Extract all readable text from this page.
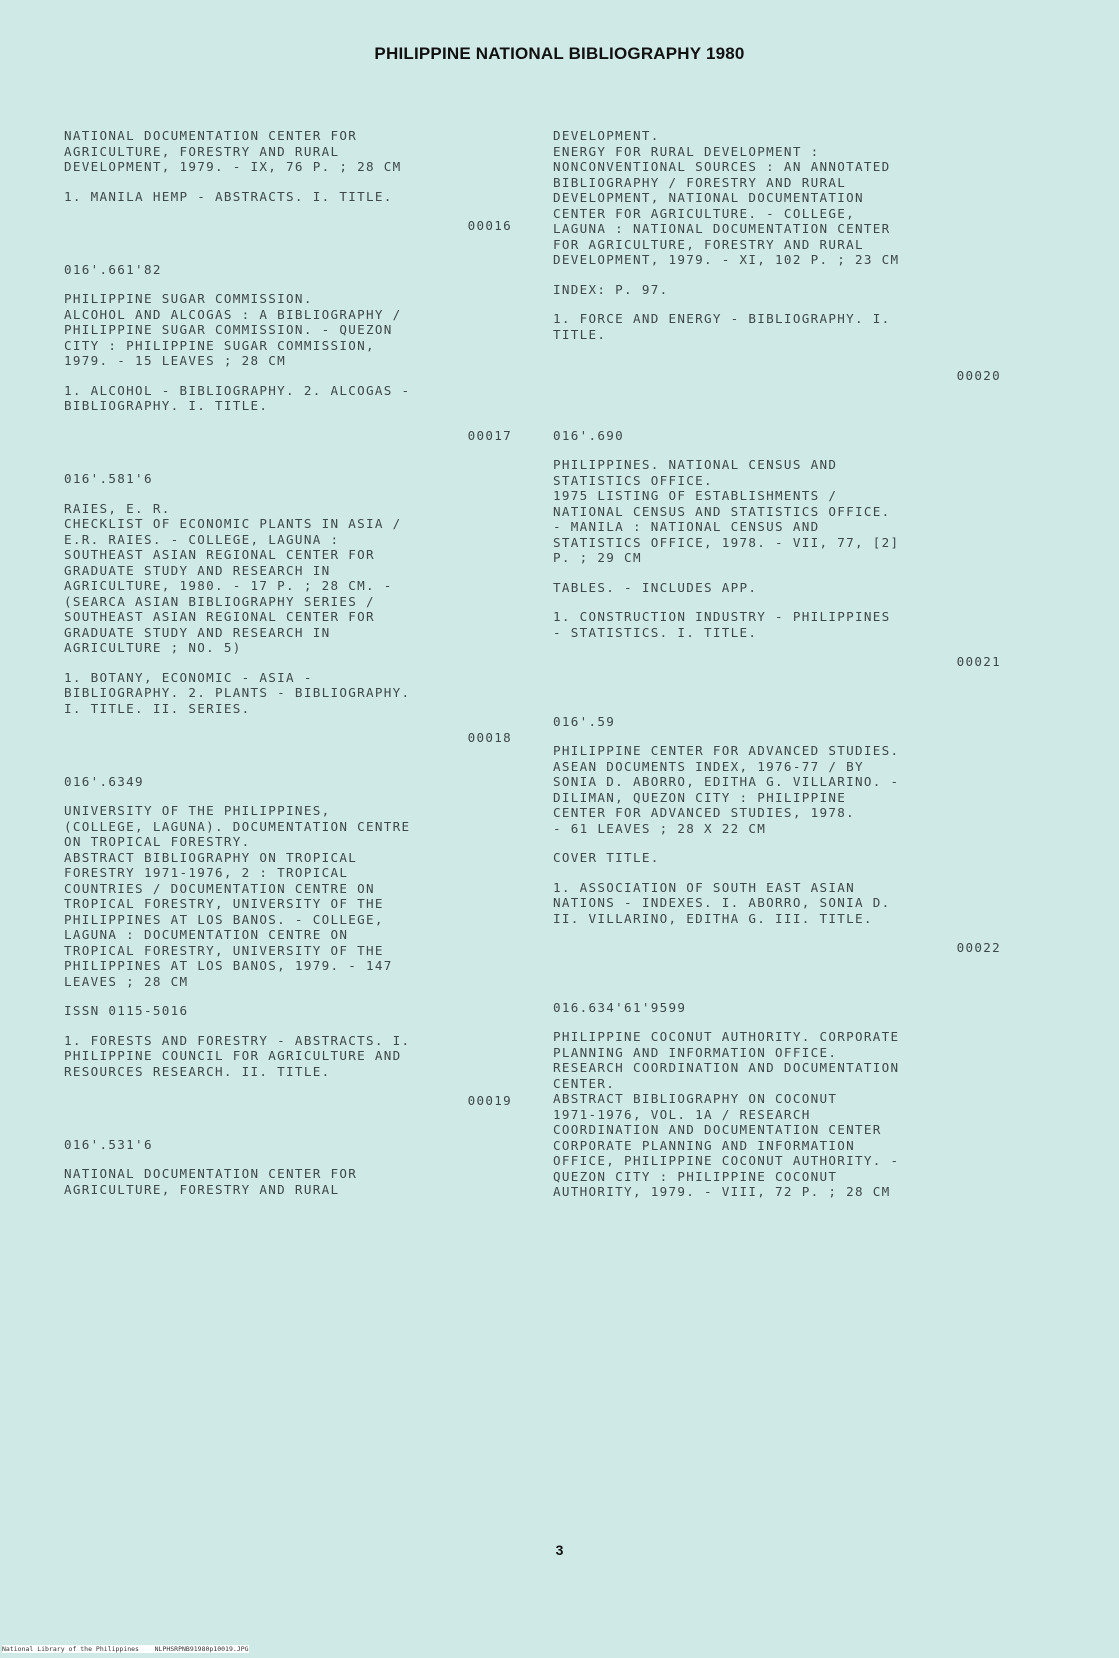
PHILIPPINE NATIONAL BIBLIOGRAPHY 1980
NATIONAL DOCUMENTATION CENTER FOR
AGRICULTURE, FORESTRY AND RURAL
DEVELOPMENT, 1979. - IX, 76 P. ; 28 CM
1. MANILA HEMP - ABSTRACTS. I. TITLE.
00016
016'.661'82
PHILIPPINE SUGAR COMMISSION.
ALCOHOL AND ALCOGAS : A BIBLIOGRAPHY /
PHILIPPINE SUGAR COMMISSION. - QUEZON
CITY : PHILIPPINE SUGAR COMMISSION,
1979. - 15 LEAVES ; 28 CM
1. ALCOHOL - BIBLIOGRAPHY. 2. ALCOGAS -
BIBLIOGRAPHY. I. TITLE.
00017
016'.581'6
RAIES, E. R.
CHECKLIST OF ECONOMIC PLANTS IN ASIA /
E.R. RAIES. - COLLEGE, LAGUNA :
SOUTHEAST ASIAN REGIONAL CENTER FOR
GRADUATE STUDY AND RESEARCH IN
AGRICULTURE, 1980. - 17 P. ; 28 CM. -
(SEARCA ASIAN BIBLIOGRAPHY SERIES /
SOUTHEAST ASIAN REGIONAL CENTER FOR
GRADUATE STUDY AND RESEARCH IN
AGRICULTURE ; NO. 5)
1. BOTANY, ECONOMIC - ASIA -
BIBLIOGRAPHY. 2. PLANTS - BIBLIOGRAPHY.
I. TITLE. II. SERIES.
00018
016'.6349
UNIVERSITY OF THE PHILIPPINES,
(COLLEGE, LAGUNA). DOCUMENTATION CENTRE
ON TROPICAL FORESTRY.
ABSTRACT BIBLIOGRAPHY ON TROPICAL
FORESTRY 1971-1976, 2 : TROPICAL
COUNTRIES / DOCUMENTATION CENTRE ON
TROPICAL FORESTRY, UNIVERSITY OF THE
PHILIPPINES AT LOS BANOS. - COLLEGE,
LAGUNA : DOCUMENTATION CENTRE ON
TROPICAL FORESTRY, UNIVERSITY OF THE
PHILIPPINES AT LOS BANOS, 1979. - 147
LEAVES ; 28 CM
ISSN 0115-5016
1. FORESTS AND FORESTRY - ABSTRACTS. I.
PHILIPPINE COUNCIL FOR AGRICULTURE AND
RESOURCES RESEARCH. II. TITLE.
00019
016'.531'6
NATIONAL DOCUMENTATION CENTER FOR
AGRICULTURE, FORESTRY AND RURAL
DEVELOPMENT.
ENERGY FOR RURAL DEVELOPMENT :
NONCONVENTIONAL SOURCES : AN ANNOTATED
BIBLIOGRAPHY / FORESTRY AND RURAL
DEVELOPMENT, NATIONAL DOCUMENTATION
CENTER FOR AGRICULTURE. - COLLEGE,
LAGUNA : NATIONAL DOCUMENTATION CENTER
FOR AGRICULTURE, FORESTRY AND RURAL
DEVELOPMENT, 1979. - XI, 102 P. ; 23 CM
INDEX: P. 97.
1. FORCE AND ENERGY - BIBLIOGRAPHY. I.
TITLE.
00020
016'.690
PHILIPPINES. NATIONAL CENSUS AND
STATISTICS OFFICE.
1975 LISTING OF ESTABLISHMENTS /
NATIONAL CENSUS AND STATISTICS OFFICE.
- MANILA : NATIONAL CENSUS AND
STATISTICS OFFICE, 1978. - VII, 77, [2]
P. ; 29 CM
TABLES. - INCLUDES APP.
1. CONSTRUCTION INDUSTRY - PHILIPPINES
- STATISTICS. I. TITLE.
00021
016'.59
PHILIPPINE CENTER FOR ADVANCED STUDIES.
ASEAN DOCUMENTS INDEX, 1976-77 / BY
SONIA D. ABORRO, EDITHA G. VILLARINO. -
DILIMAN, QUEZON CITY : PHILIPPINE
CENTER FOR ADVANCED STUDIES, 1978.
- 61 LEAVES ; 28 X 22 CM
COVER TITLE.
1. ASSOCIATION OF SOUTH EAST ASIAN
NATIONS - INDEXES. I. ABORRO, SONIA D.
II. VILLARINO, EDITHA G. III. TITLE.
00022
016.634'61'9599
PHILIPPINE COCONUT AUTHORITY. CORPORATE
PLANNING AND INFORMATION OFFICE.
RESEARCH COORDINATION AND DOCUMENTATION
CENTER.
ABSTRACT BIBLIOGRAPHY ON COCONUT
1971-1976, VOL. 1A / RESEARCH
COORDINATION AND DOCUMENTATION CENTER
CORPORATE PLANNING AND INFORMATION
OFFICE, PHILIPPINE COCONUT AUTHORITY. -
QUEZON CITY : PHILIPPINE COCONUT
AUTHORITY, 1979. - VIII, 72 P. ; 28 CM
3
National Library of the Philippines    NLPHSRPNB91980p10019.JPG
